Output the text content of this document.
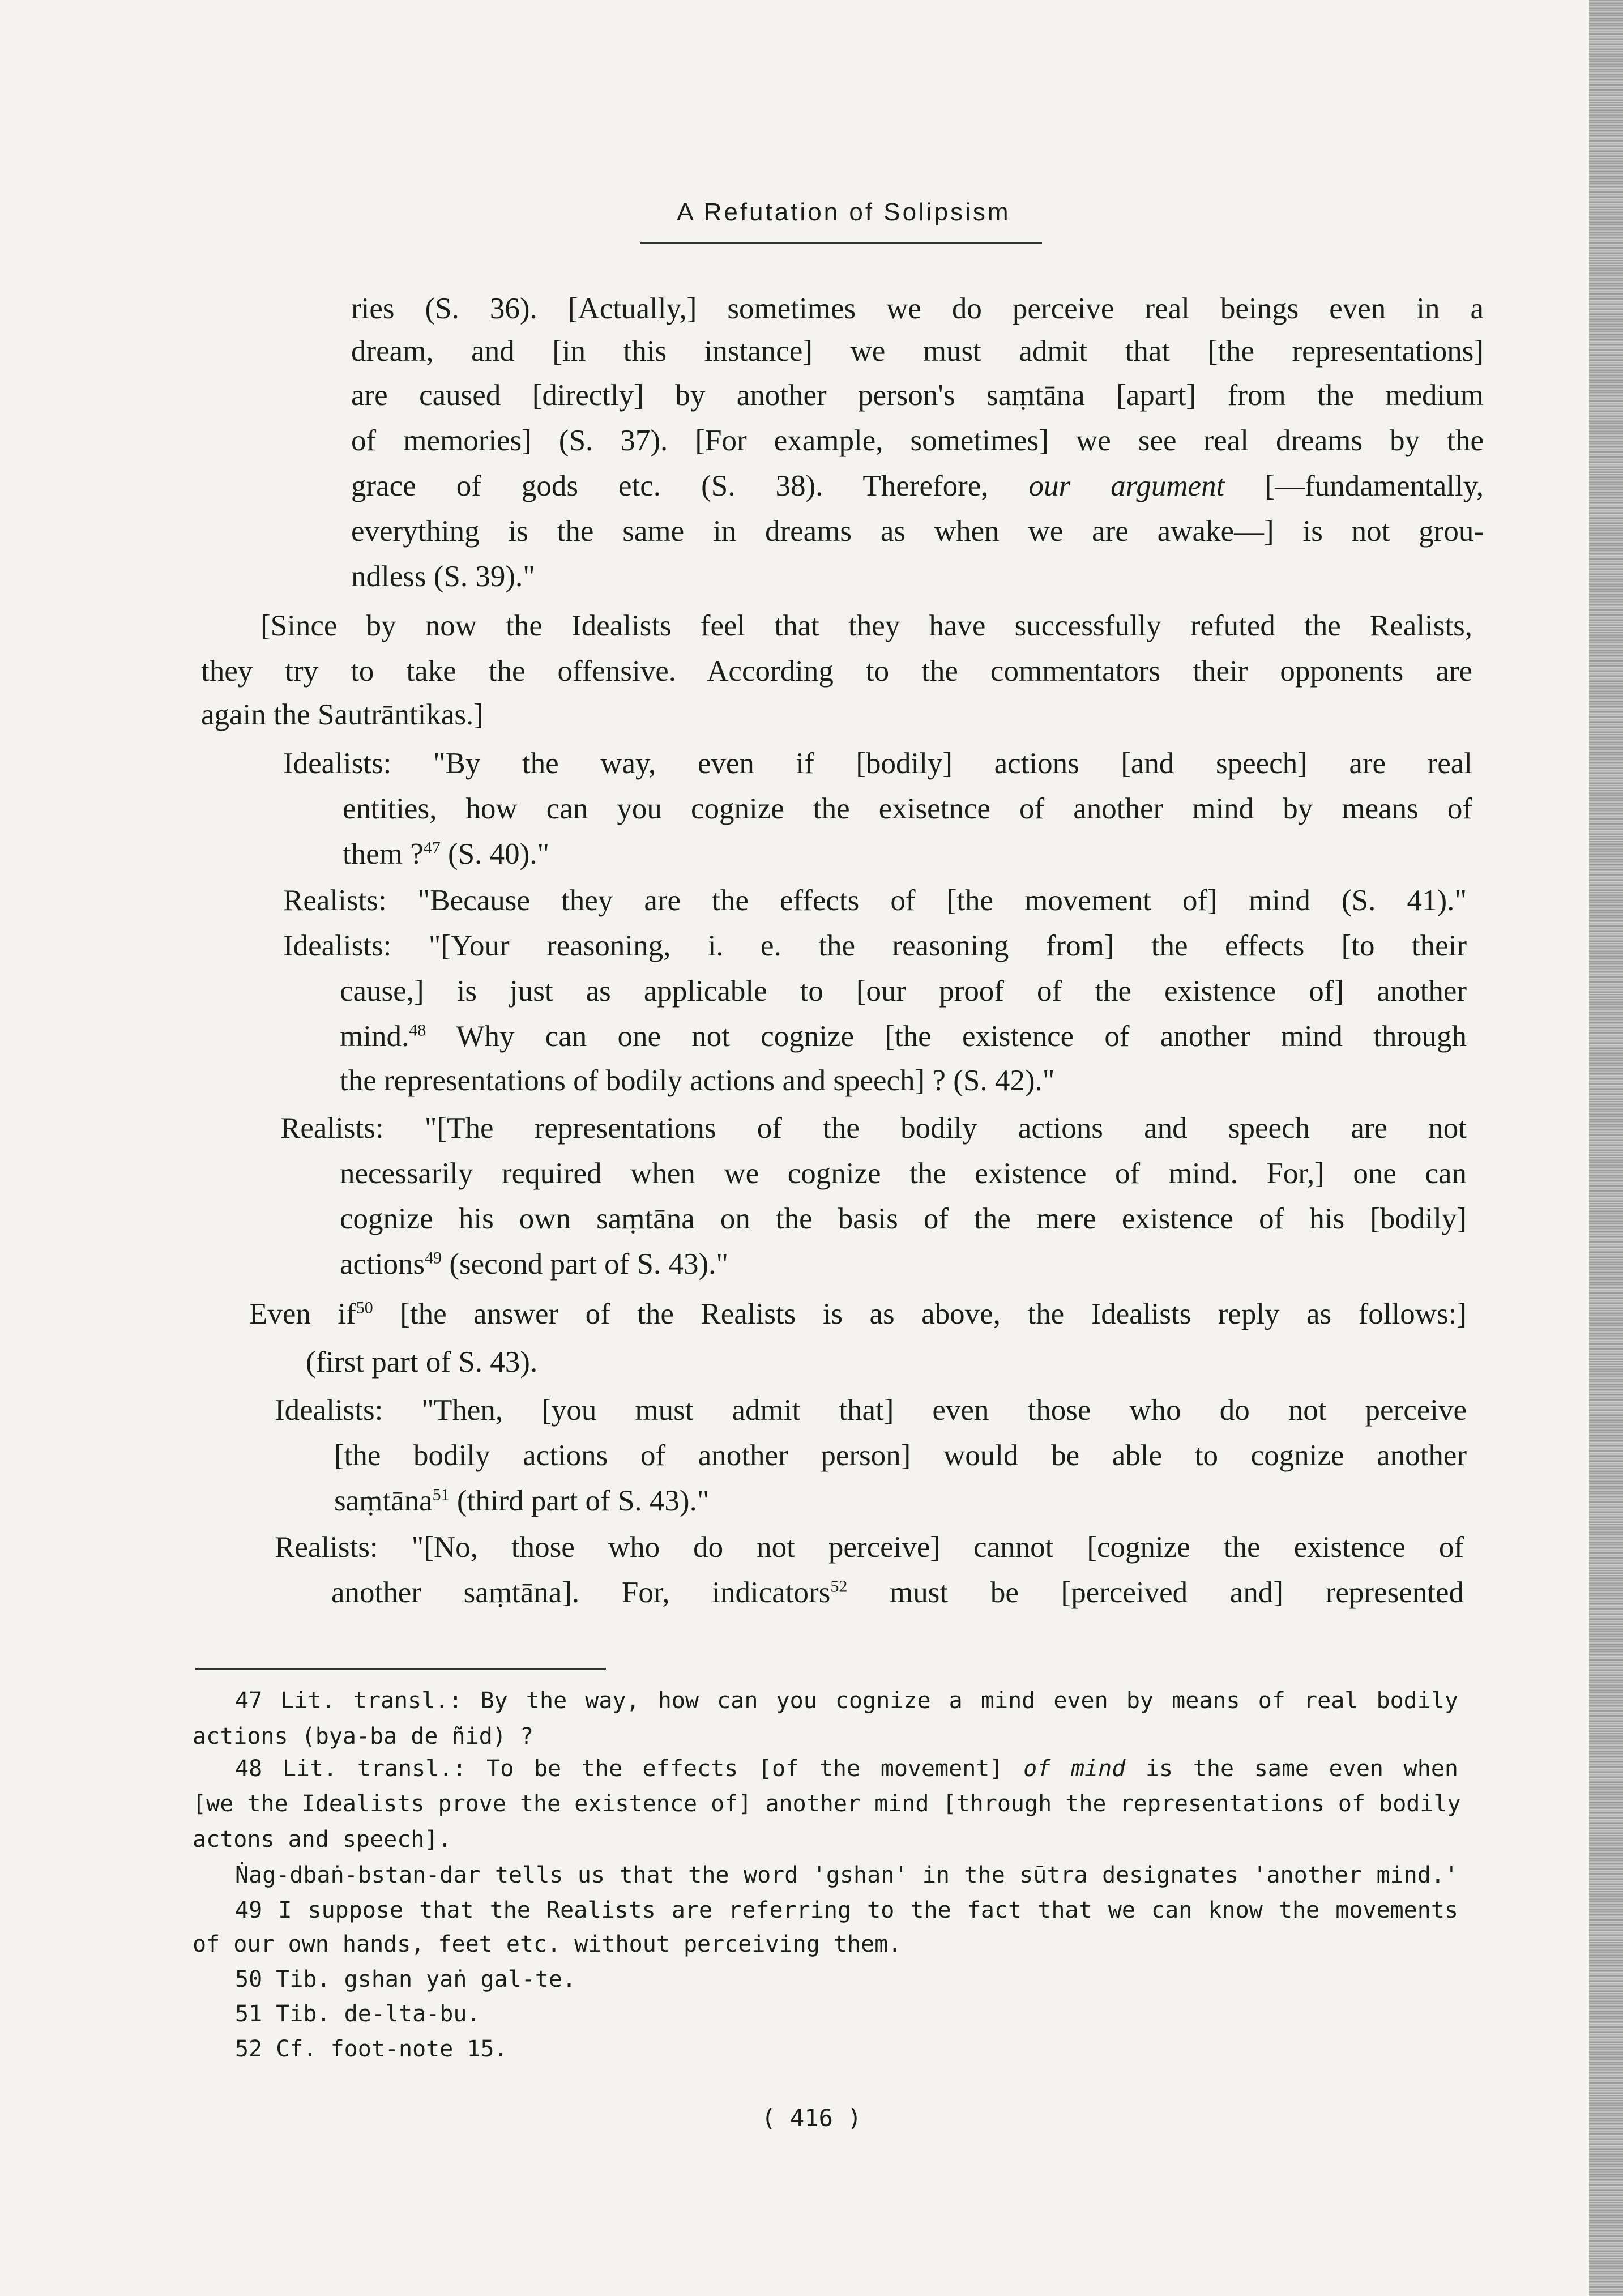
A Refutation of Solipsism
ries (S. 36). [Actually,] sometimes we do perceive real beings even in a
dream, and [in this instance] we must admit that [the representations]
are caused [directly] by another person's saṃtāna [apart] from the medium
of memories] (S. 37). [For example, sometimes] we see real dreams by the
grace of gods etc. (S. 38). Therefore, our argument [—fundamentally,
everything is the same in dreams as when we are awake—] is not grou-
ndless (S. 39)."
[Since by now the Idealists feel that they have successfully refuted the Realists,
they try to take the offensive. According to the commentators their opponents are
again the Sautrāntikas.]
Idealists: "By the way, even if [bodily] actions [and speech] are real
entities, how can you cognize the exisetnce of another mind by means of
them ?$^{47}$ (S. 40)."
Realists: "Because they are the effects of [the movement of] mind (S. 41)."
Idealists: "[Your reasoning, i. e. the reasoning from] the effects [to their
cause,] is just as applicable to [our proof of the existence of] another
mind.$^{48}$ Why can one not cognize [the existence of another mind through
the representations of bodily actions and speech] ? (S. 42)."
Realists: "[The representations of the bodily actions and speech are not
necessarily required when we cognize the existence of mind. For,] one can
cognize his own saṃtāna on the basis of the mere existence of his [bodily]
actions$^{49}$ (second part of S. 43)."
Even $if^{50}$ [the answer of the Realists is as above, the Idealists reply as follows:]
(first part of S. 43).
Idealists: "Then, [you must admit that] even those who do not perceive
[the bodily actions of another person] would be able to cognize another
saṃtāna$^{51}$ (third part of S. 43)."
Realists: "[No, those who do not perceive] cannot [cognize the existence of
another saṃtāna]. For, indicators$^{52}$ must be [perceived and] represented
47 Lit. transl.: By the way, how can you cognize a mind even by means of real bodily
actions (bya-ba de ñid) ?
48 Lit. transl.: To be the effects [of the movement] of mind is the same even when
[we the Idealists prove the existence of] another mind [through the representations of bodily
actons and speech].
Ṅag-dbaṅ-bstan-dar tells us that the word 'gshan' in the sūtra designates 'another mind.'
49 I suppose that the Realists are referring to the fact that we can know the movements
of our own hands, feet etc. without perceiving them.
50 Tib. gshan yaṅ gal-te.
51 Tib. de-lta-bu.
52 Cf. foot-note 15.
( 416 )
